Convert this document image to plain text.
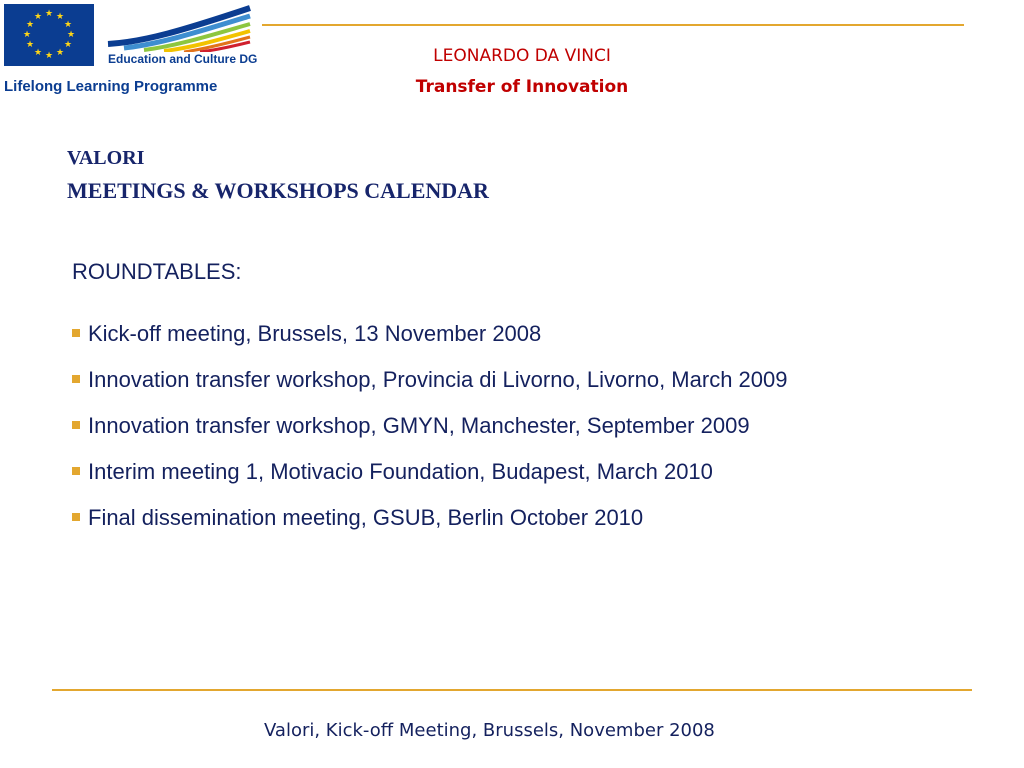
★ ★
★
★
★
★
★
★
★
★
★
★
Education and Culture DG
Lifelong Learning Programme
LEONARDO DA VINCI
Transfer of Innovation
VALORI
MEETINGS & WORKSHOPS CALENDAR
ROUNDTABLES:
Kick-off meeting, Brussels, 13 November 2008
Innovation transfer workshop, Provincia di Livorno, Livorno, March 2009
Innovation transfer workshop, GMYN, Manchester, September 2009
Interim meeting 1, Motivacio Foundation, Budapest, March 2010
Final dissemination meeting, GSUB, Berlin October 2010
Valori, Kick-off Meeting, Brussels, November 2008
